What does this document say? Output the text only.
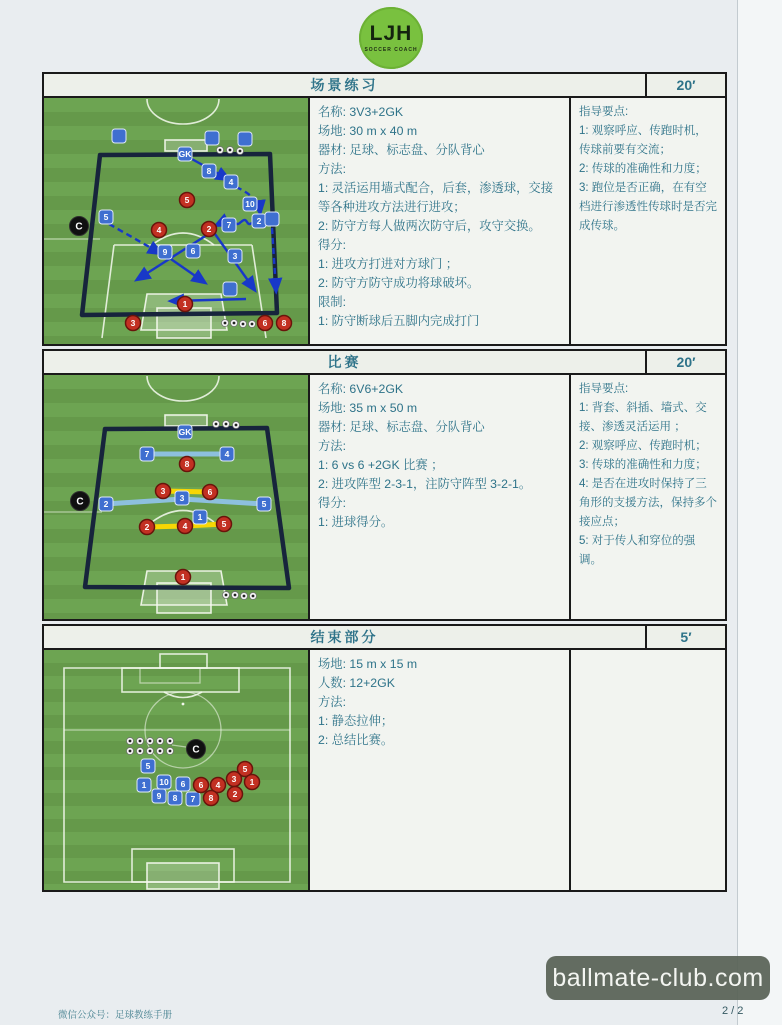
LJH
SOCCER COACH
场景练习	20′
GK
8
4
10
2
5
7
9	6	3
5
4	2
1
3	6 8
C
名称: 3V3+2GK
场地: 30 m x 40 m
器材: 足球、标志盘、分队背心
方法:
1: 灵活运用墙式配合，后套，渗透球，交接等各种进攻方法进行进攻；
2: 防守方每人做两次防守后，攻守交换。
得分:
1: 进攻方打进对方球门 ；
2: 防守方防守成功将球破坏。
限制:
1: 防守断球后五脚内完成打门
指导要点:
1: 观察呼应、传跑时机，传球前要有交流；
2: 传球的准确性和力度；
3: 跑位是否正确，在有空档进行渗透性传球时是否完成传球。
比赛	20′
GK
7	4
2
3
5
1
8
3	6
2	4	5
1
C
名称: 6V6+2GK
场地: 35 m x 50 m
器材: 足球、标志盘、分队背心
方法:
1: 6 vs 6 +2GK 比赛 ；
2: 进攻阵型 2-3-1，注防守阵型 3-2-1。
得分:
1: 进球得分。
指导要点:
1: 背套、斜插、墙式、交接、渗透灵活运用 ；
2: 观察呼应、传跑时机；
3: 传球的准确性和力度；
4: 是否在进攻时保持了三角形的支援方法，保持多个接应点；
5: 对于传人和穿位的强调。
结束部分	5′
5
1 10 6
9 8 7
5
3 1
6 4
2
8
C
场地: 15 m x 15 m
人数: 12+2GK
方法:
1: 静态拉伸；
2: 总结比赛。
微信公众号：足球教练手册	2 / 2
ballmate-club.com
